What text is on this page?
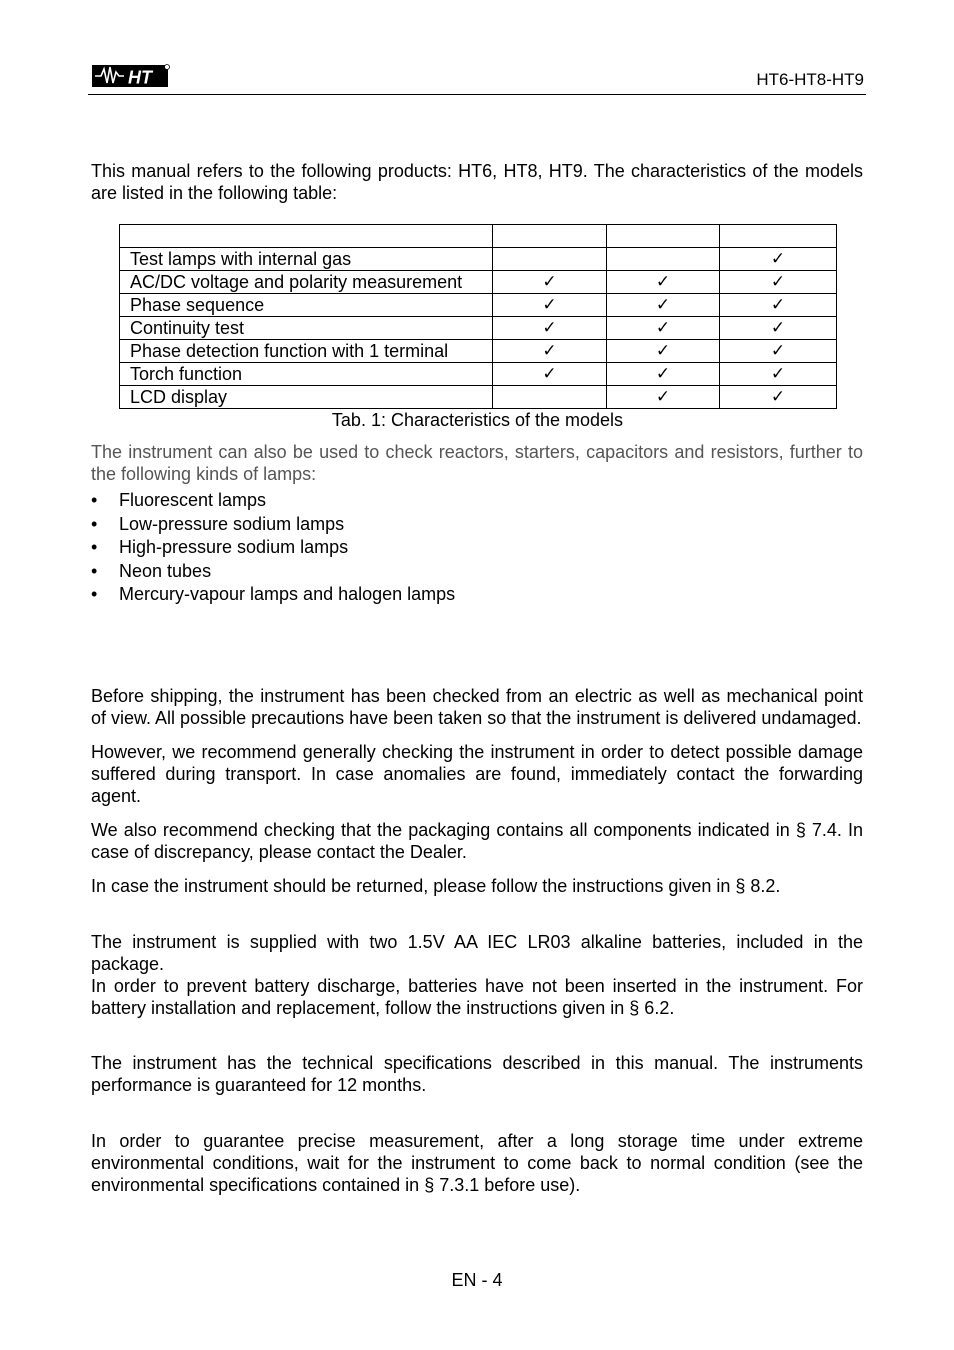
HT	HT6-HT8-HT9

This manual refers to the following products: HT6, HT8, HT9. The characteristics of the models are listed in the following table:

Test lamps with internal gas			✓
AC/DC voltage and polarity measurement	✓	✓	✓
Phase sequence	✓	✓	✓
Continuity test	✓	✓	✓
Phase detection function with 1 terminal	✓	✓	✓
Torch function	✓	✓	✓
LCD display		✓	✓
Tab. 1: Characteristics of the models

The instrument can also be used to check reactors, starters, capacitors and resistors, further to the following kinds of lamps:

• Fluorescent lamps
• Low-pressure sodium lamps
• High-pressure sodium lamps
• Neon tubes
• Mercury-vapour lamps and halogen lamps

Before shipping, the instrument has been checked from an electric as well as mechanical point of view. All possible precautions have been taken so that the instrument is delivered undamaged.

However, we recommend generally checking the instrument in order to detect possible damage suffered during transport. In case anomalies are found, immediately contact the forwarding agent.

We also recommend checking that the packaging contains all components indicated in § 7.4. In case of discrepancy, please contact the Dealer.

In case the instrument should be returned, please follow the instructions given in § 8.2.

The instrument is supplied with two 1.5V AA IEC LR03 alkaline batteries, included in the package.

In order to prevent battery discharge, batteries have not been inserted in the instrument. For battery installation and replacement, follow the instructions given in § 6.2.

The instrument has the technical specifications described in this manual. The instruments performance is guaranteed for 12 months.

In order to guarantee precise measurement, after a long storage time under extreme environmental conditions, wait for the instrument to come back to normal condition (see the environmental specifications contained in § 7.3.1 before use).

EN - 4
